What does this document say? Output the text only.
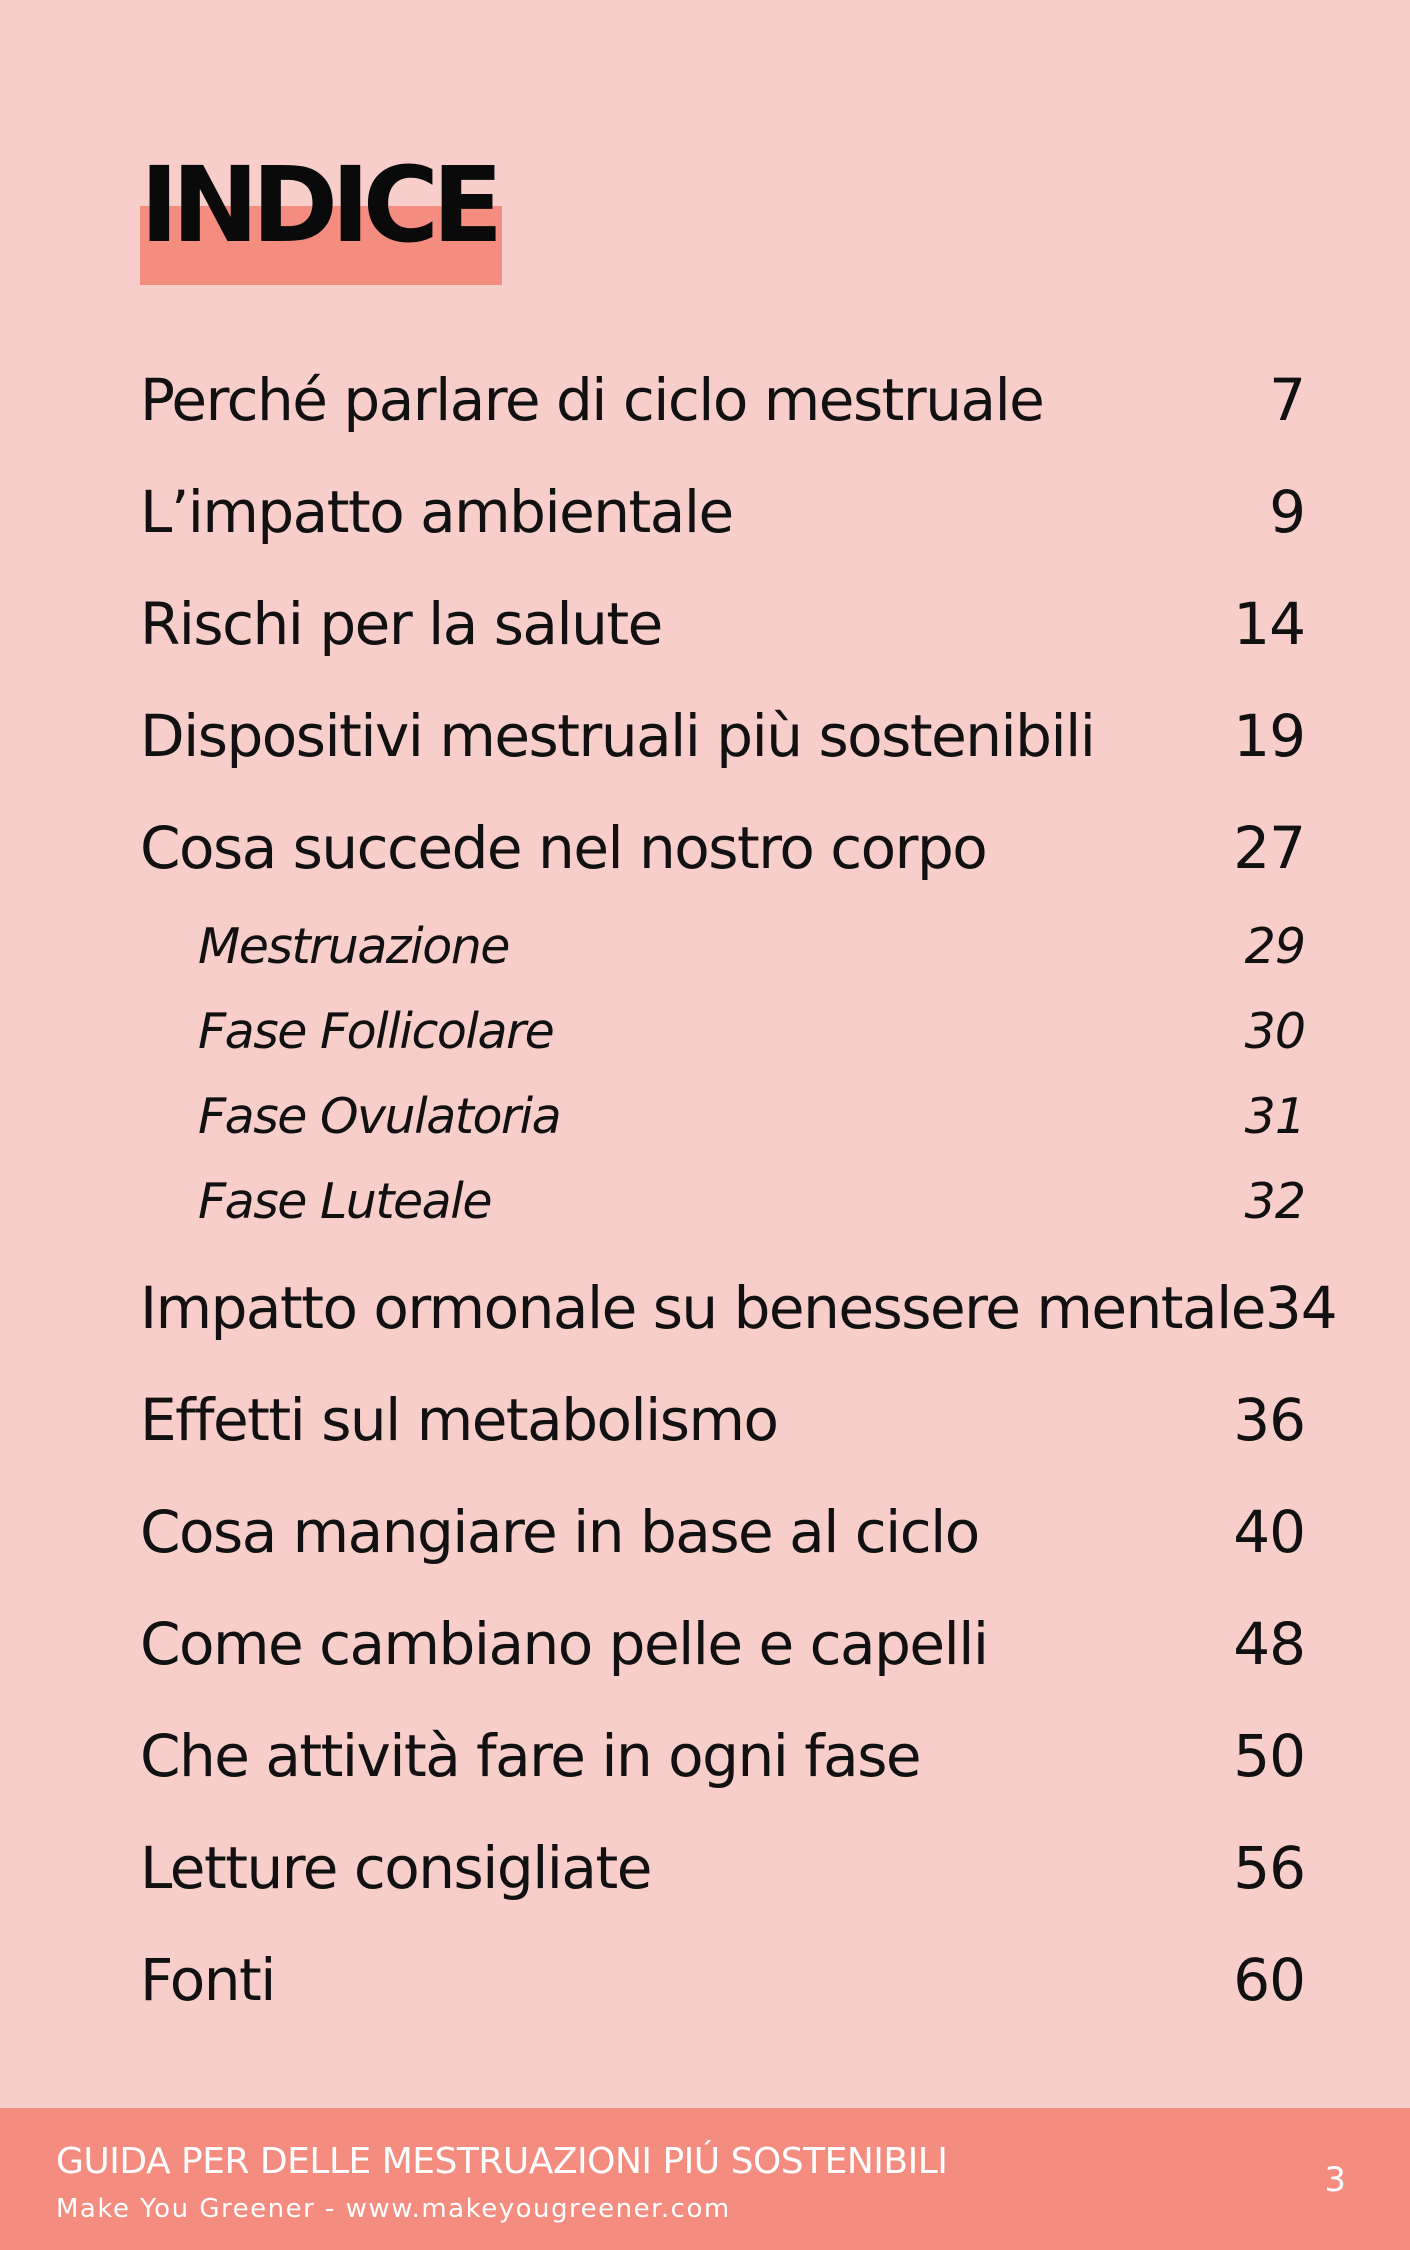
INDICE
Perché parlare di ciclo mestruale	7
L’impatto ambientale	9
Rischi per la salute	14
Dispositivi mestruali più sostenibili 19
Cosa succede nel nostro corpo	27
Mestruazione	29
Fase Follicolare	30
Fase Ovulatoria	31
Fase Luteale	32
Impatto ormonale su benessere mentale 34
Effetti sul metabolismo	36
Cosa mangiare in base al ciclo	40
Come cambiano pelle e capelli	48
Che attività fare in ogni fase	50
Letture consigliate	56
Fonti	60
GUIDA PER DELLE MESTRUAZIONI PIÚ SOSTENIBILI
Make You Greener - www.makeyougreener.com
3
